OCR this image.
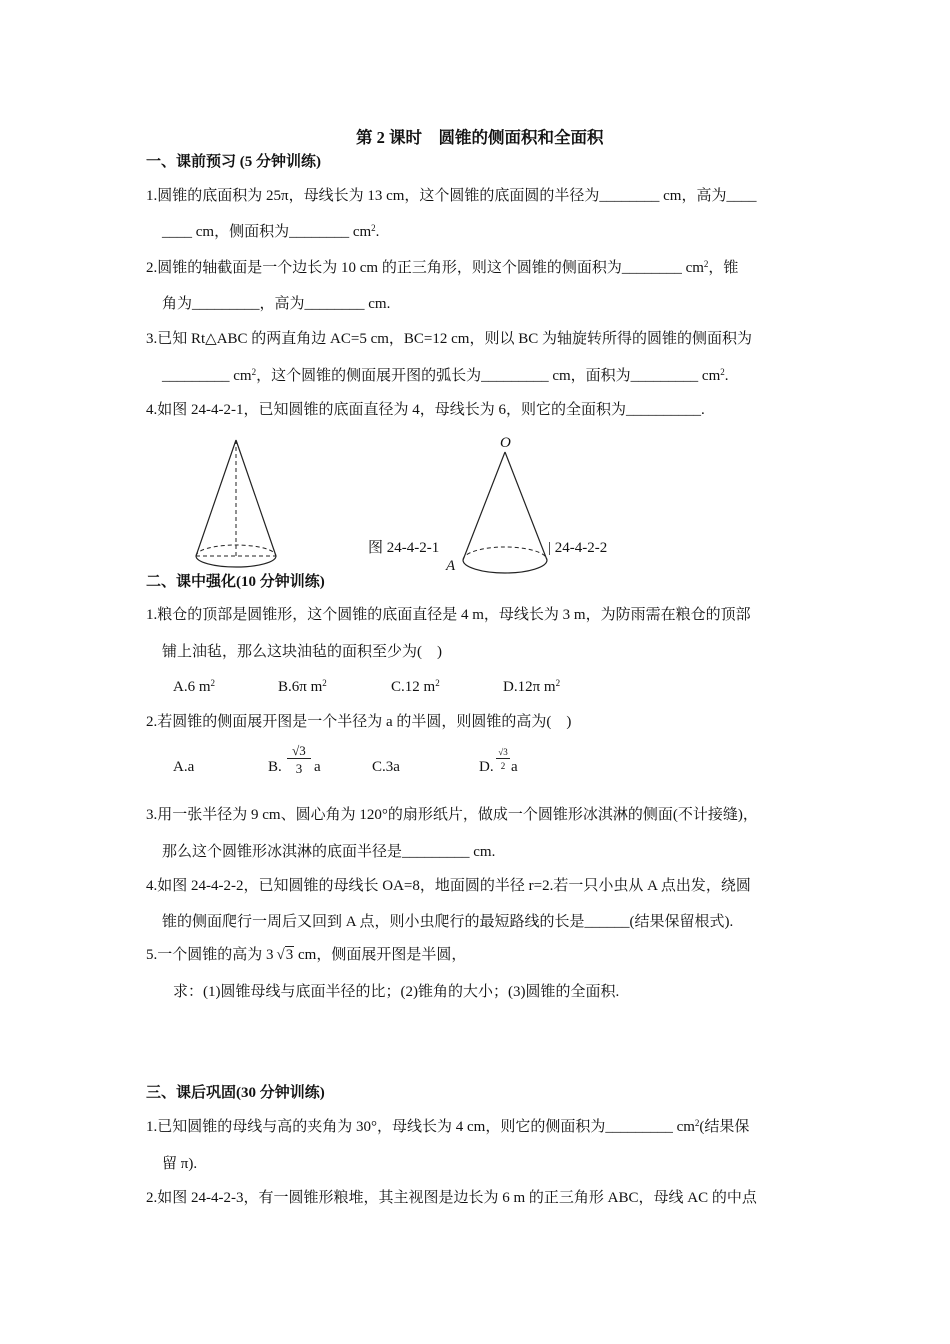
第 2 课时　圆锥的侧面积和全面积
一、课前预习 (5 分钟训练)
1.圆锥的底面积为 25π，母线长为 13 cm，这个圆锥的底面圆的半径为________ cm，高为____
____ cm，侧面积为________ $cm^2$.
2.圆锥的轴截面是一个边长为 10 cm 的正三角形，则这个圆锥的侧面积为________ $cm^2$，锥
角为_________，高为________ cm.
3.已知 Rt△ABC 的两直角边 AC=5 cm，BC=12 cm，则以 BC 为轴旋转所得的圆锥的侧面积为
_________ $cm^2$，这个圆锥的侧面展开图的弧长为_________ cm，面积为_________ $cm^2$.
4.如图 24-4-2-1，已知圆锥的底面直径为 4，母线长为 6，则它的全面积为__________.
图 24-4-2-1
O
A
| 24-4-2-2
二、课中强化(10 分钟训练)
1.粮仓的顶部是圆锥形，这个圆锥的底面直径是 4 m，母线长为 3 m，为防雨需在粮仓的顶部
铺上油毡，那么这块油毡的面积至少为(　)
A.6 $m^2$	B.6π $m^2$	C.12 $m^2$	D.12π $m^2$
2.若圆锥的侧面展开图是一个半径为 a 的半圆，则圆锥的高为(　)
A.a	B. $\frac{√3}{3}$ a	C.3a	D. $\frac{√3}{2}$ a
3.用一张半径为 9 cm、圆心角为 120°的扇形纸片，做成一个圆锥形冰淇淋的侧面(不计接缝)，
那么这个圆锥形冰淇淋的底面半径是_________ cm.
4.如图 24-4-2-2，已知圆锥的母线长 OA=8，地面圆的半径 r=2.若一只小虫从 A 点出发，绕圆
锥的侧面爬行一周后又回到 A 点，则小虫爬行的最短路线的长是______(结果保留根式).
5.一个圆锥的高为 3 √3 cm，侧面展开图是半圆，
求：(1)圆锥母线与底面半径的比；(2)锥角的大小；(3)圆锥的全面积.
三、课后巩固(30 分钟训练)
1.已知圆锥的母线与高的夹角为 30°，母线长为 4 cm，则它的侧面积为_________ $cm^2$(结果保
留 π).
2.如图 24-4-2-3，有一圆锥形粮堆，其主视图是边长为 6 m 的正三角形 ABC，母线 AC 的中点
